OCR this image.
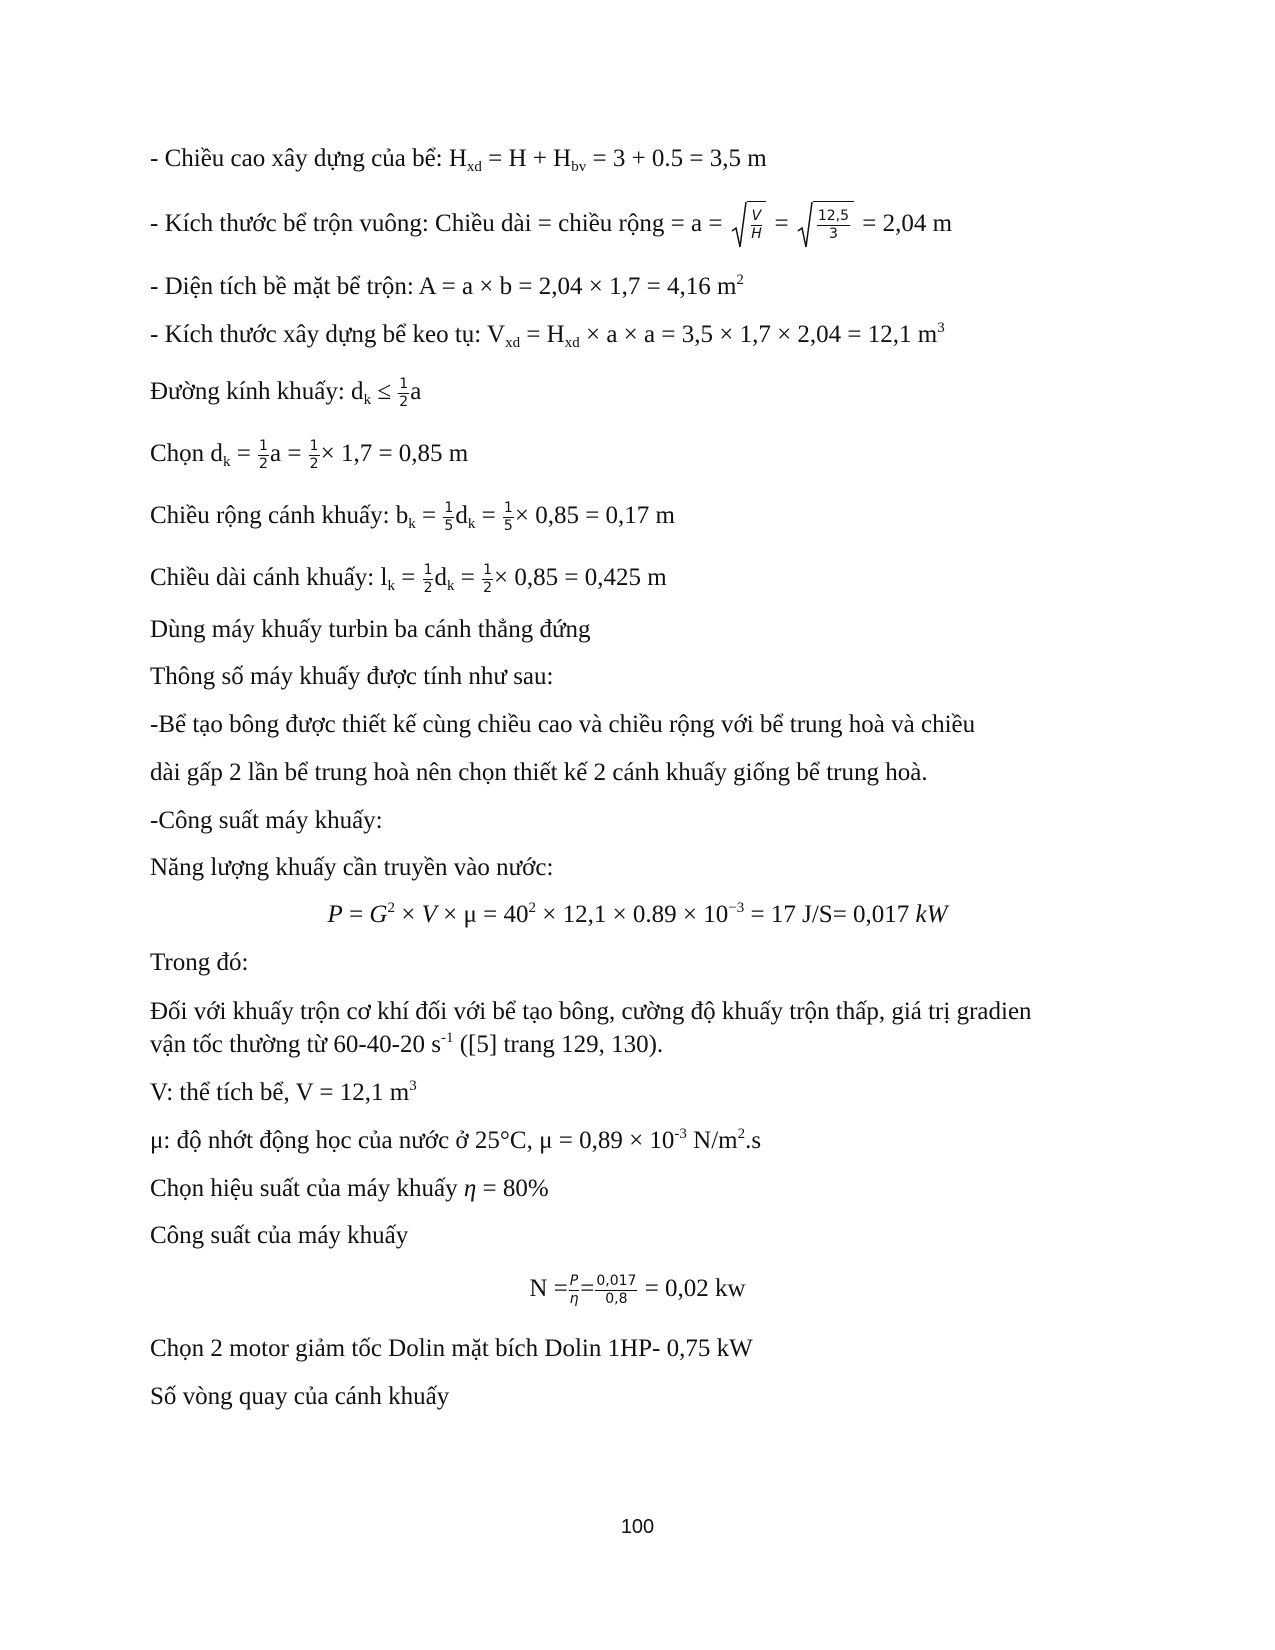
- Chiều cao xây dựng của bể: $H_{xd} = H + H_{bv} = 3 + 0.5 = 3,5$ m
- Kích thước bể trộn vuông: Chiều dài = chiều rộng = $a = \frac{V}{H} = \frac{12,5}{3} = 2,04$ m
- Diện tích bề mặt bể trộn: A = a × b = 2,04 × 1,7 = 4,16 $m^2$
- Kích thước xây dựng bể keo tụ: $V_{xd} = H_{xd} \times a \times a = 3,5 \times 1,7 \times 2,04 = 12,1$ $m^3$
Đường kính khuấy: $d_k \le \frac{1}{2}$ a
Chọn $d_k = \frac{1}{2}$ $a = \frac{1}{2} \times 1,7 = 0,85$ m
Chiều rộng cánh khuấy: $b_k = \frac{1}{5} d_k = \frac{1}{5} \times 0,85 = 0,17$ m
Chiều dài cánh khuấy: $l_k = \frac{1}{2} d_k = \frac{1}{2} \times 0,85 = 0,425$ m
Dùng máy khuấy turbin ba cánh thẳng đứng
Thông số máy khuấy được tính như sau:
-Bể tạo bông được thiết kế cùng chiều cao và chiều rộng với bể trung hoà và chiều
dài gấp 2 lần bể trung hoà nên chọn thiết kế 2 cánh khuấy giống bể trung hoà.
-Công suất máy khuấy:
Năng lượng khuấy cần truyền vào nước:
$P = G^2 \times V \times \mu = 40^2 \times 12,1 \times 0.89 \times 10^{-3} = 17$ J/S= 0,017 kW
Trong đó:
Đối với khuấy trộn cơ khí đối với bể tạo bông, cường độ khuấy trộn thấp, giá trị gradien
vận tốc thường từ 60-40-20 $s^{-1}$ ([5] trang 129, 130).
V: thể tích bể, V = 12,1 $m^3$
μ: độ nhớt động học của nước ở 25°C, $\mu = 0,89 \times 10^{-3}$ $N/m^2.s$
Chọn hiệu suất của máy khuấy η = 80%
Công suất của máy khuấy
$N = \frac{P}{\eta} = \frac{0,017}{0,8} = 0,02$ kw
Chọn 2 motor giảm tốc Dolin mặt bích Dolin 1HP- 0,75 kW
Số vòng quay của cánh khuấy
100
